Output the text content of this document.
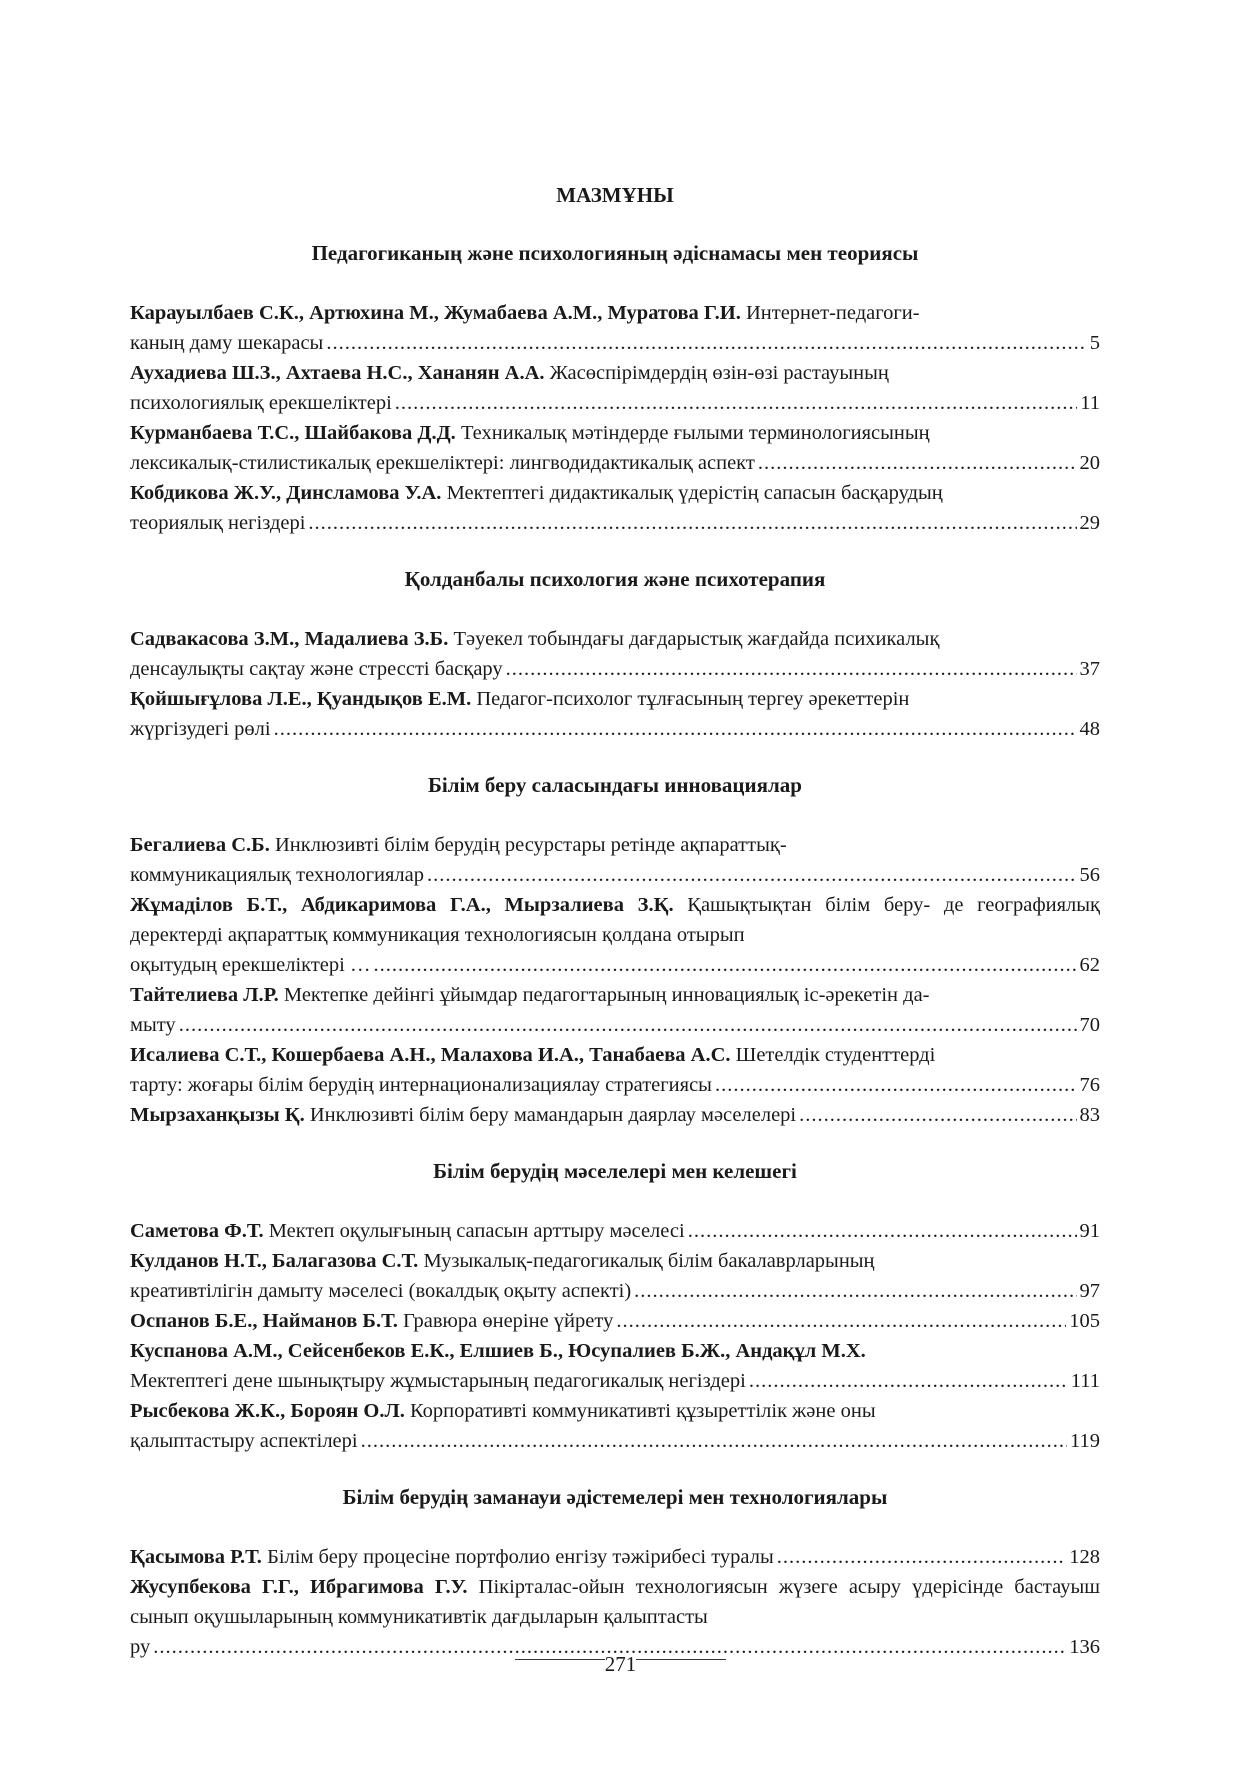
МАЗМҰНЫ
Педагогиканың және психологияның әдіснамасы мен теориясы
Карауылбаев С.К., Артюхина М., Жумабаева А.М., Муратова Г.И. Интернет-педагоги-
каның даму шекарасы .....	5
Аухадиева Ш.З., Ахтаева Н.С., Хананян А.А. Жасөспірімдердің өзін-өзі растауының
психологиялық ерекшеліктері .....	11
Курманбаева Т.С., Шайбакова Д.Д. Техникалық мәтіндерде ғылыми терминологиясының
лексикалық-стилистикалық ерекшеліктері: лингводидактикалық аспект .....	20
Кобдикова Ж.У., Динсламова У.А. Мектептегі дидактикалық үдерістің сапасын басқарудың
теориялық негіздері .....	29
Қолданбалы психология және психотерапия
Садвакасова З.М., Мадалиева З.Б. Тәуекел тобындағы дағдарыстық жағдайда психикалық
денсаулықты сақтау және стрессті басқару .....	37
Қойшығұлова Л.Е., Қуандықов Е.М. Педагог-психолог тұлғасының тергеу әрекеттерін
жүргізудегі рөлі .....	48
Білім беру саласындағы инновациялар
Бегалиева С.Б. Инклюзивті білім берудің ресурстары ретінде ақпараттық-
коммуникациялық технологиялар .....	56
Жұмаділов Б.Т., Абдикаримова Г.А., Мырзалиева З.Қ. Қашықтықтан білім беру- де географиялық деректерді ақпараттық коммуникация технологиясын қолдана отырып
оқытудың ерекшеліктері … .....	62
Тайтелиева Л.Р. Мектепке дейінгі ұйымдар педагогтарының инновациялық іс-әрекетін да-
мыту .....	70
Исалиева С.Т., Кошербаева А.Н., Малахова И.А., Танабаева А.С. Шетелдік студенттерді
тарту: жоғары білім берудің интернационализациялау стратегиясы .....	76
Мырзаханқызы Қ. Инклюзивті білім беру мамандарын даярлау мәселелері .....	83
Білім берудің мәселелері мен келешегі
Саметова Ф.Т. Мектеп оқулығының сапасын арттыру мәселесі .....	91
Кулданов Н.Т., Балагазова С.Т. Музыкалық-педагогикалық білім бакалаврларының
креативтілігін дамыту мәселесі (вокалдық оқыту аспекті) .....	97
Оспанов Б.Е., Найманов Б.Т. Гравюра өнеріне үйрету .....	105
Куспанова А.М., Сейсенбеков Е.К., Елшиев Б., Юсупалиев Б.Ж., Андақұл М.Х.
Мектептегі дене шынықтыру жұмыстарының педагогикалық негіздері .....	111
Рысбекова Ж.К., Бороян О.Л. Корпоративті коммуникативті құзыреттілік және оны
қалыптастыру аспектілері .....	119
Білім берудің заманауи әдістемелері мен технологиялары
Қасымова Р.Т. Білім беру процесіне портфолио енгізу тәжірибесі туралы .....	128
Жусупбекова Г.Г., Ибрагимова Г.У. Пікірталас-ойын технологиясын жүзеге асыру үдерісінде бастауыш сынып оқушыларының коммуникативтік дағдыларын қалыптасты
ру .....	136
271
